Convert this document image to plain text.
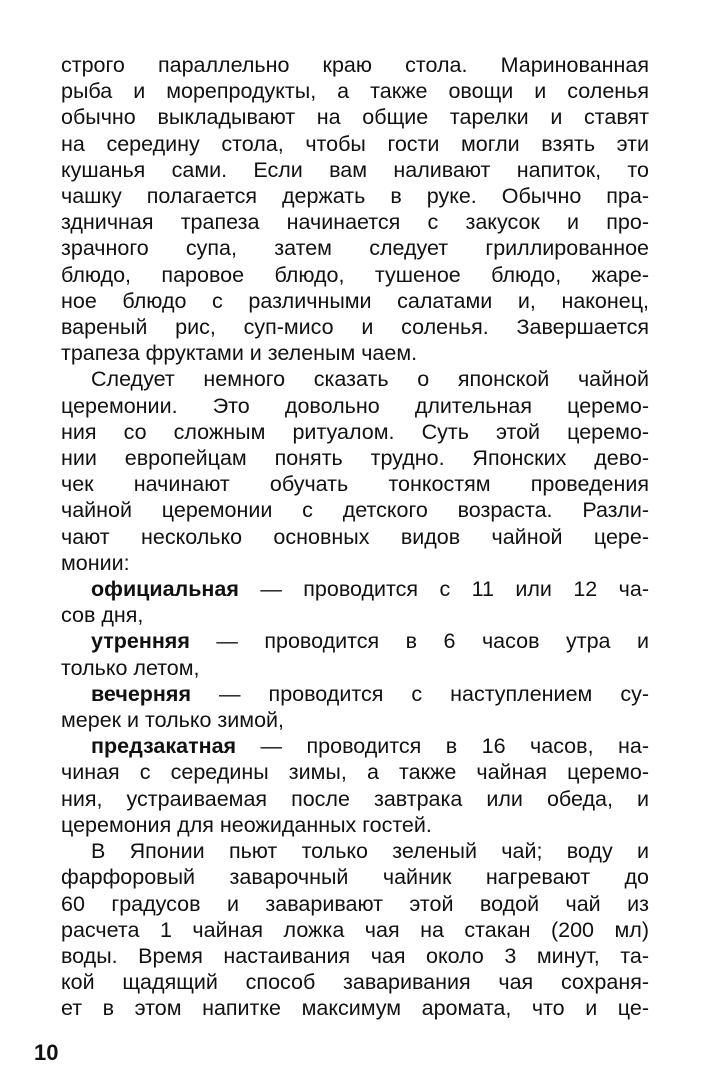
строго параллельно краю стола. Маринованная
рыба и морепродукты, а также овощи и соленья
обычно выкладывают на общие тарелки и ставят
на середину стола, чтобы гости могли взять эти
кушанья сами. Если вам наливают напиток, то
чашку полагается держать в руке. Обычно пра-
здничная трапеза начинается с закусок и про-
зрачного супа, затем следует гриллированное
блюдо, паровое блюдо, тушеное блюдо, жаре-
ное блюдо с различными салатами и, наконец,
вареный рис, суп-мисо и соленья. Завершается
трапеза фруктами и зеленым чаем.
Следует немного сказать о японской чайной
церемонии. Это довольно длительная церемо-
ния со сложным ритуалом. Суть этой церемо-
нии европейцам понять трудно. Японских дево-
чек начинают обучать тонкостям проведения
чайной церемонии с детского возраста. Разли-
чают несколько основных видов чайной цере-
монии:
официальная — проводится с 11 или 12 ча-
сов дня,
утренняя — проводится в 6 часов утра и
только летом,
вечерняя — проводится с наступлением су-
мерек и только зимой,
предзакатная — проводится в 16 часов, на-
чиная с середины зимы, а также чайная церемо-
ния, устраиваемая после завтрака или обеда, и
церемония для неожиданных гостей.
В Японии пьют только зеленый чай; воду и
фарфоровый заварочный чайник нагревают до
60 градусов и заваривают этой водой чай из
расчета 1 чайная ложка чая на стакан (200 мл)
воды. Время настаивания чая около 3 минут, та-
кой щадящий способ заваривания чая сохраня-
ет в этом напитке максимум аромата, что и це-
10
